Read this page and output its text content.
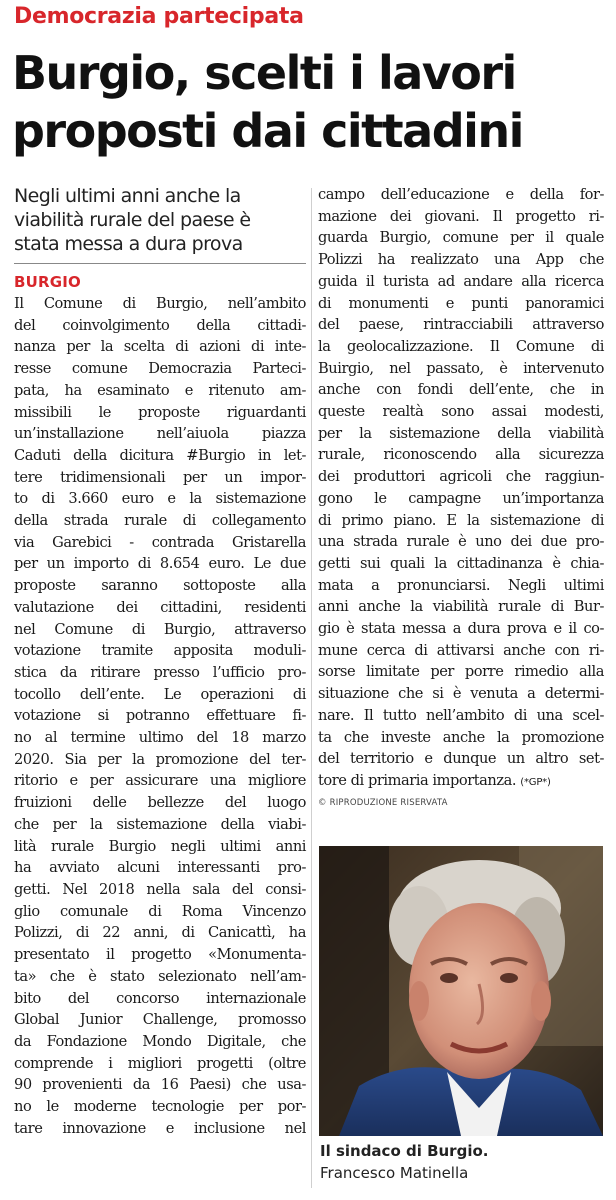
Democrazia partecipata
Burgio, scelti i lavori
proposti dai cittadini
Negli ultimi anni anche la
viabilità rurale del paese è
stata messa a dura prova
BURGIO
Il Comune di Burgio, nell’ambito
del coinvolgimento della cittadi-
nanza per la scelta di azioni di inte-
resse comune Democrazia Parteci-
pata, ha esaminato e ritenuto am-
missibili le proposte riguardanti
un’installazione nell’aiuola piazza
Caduti della dicitura #Burgio in let-
tere tridimensionali per un impor-
to di 3.660 euro e la sistemazione
della strada rurale di collegamento
via Garebici - contrada Gristarella
per un importo di 8.654 euro. Le due
proposte saranno sottoposte alla
valutazione dei cittadini, residenti
nel Comune di Burgio, attraverso
votazione tramite apposita moduli-
stica da ritirare presso l’ufficio pro-
tocollo dell’ente. Le operazioni di
votazione si potranno effettuare fi-
no al termine ultimo del 18 marzo
2020. Sia per la promozione del ter-
ritorio e per assicurare una migliore
fruizioni delle bellezze del luogo
che per la sistemazione della viabi-
lità rurale Burgio negli ultimi anni
ha avviato alcuni interessanti pro-
getti. Nel 2018 nella sala del consi-
glio comunale di Roma Vincenzo
Polizzi, di 22 anni, di Canicattì, ha
presentato il progetto «Monumenta-
ta» che è stato selezionato nell’am-
bito del concorso internazionale
Global Junior Challenge, promosso
da Fondazione Mondo Digitale, che
comprende i migliori progetti (oltre
90 provenienti da 16 Paesi) che usa-
no le moderne tecnologie per por-
tare innovazione e inclusione nel
campo dell’educazione e della for-
mazione dei giovani. Il progetto ri-
guarda Burgio, comune per il quale
Polizzi ha realizzato una App che
guida il turista ad andare alla ricerca
di monumenti e punti panoramici
del paese, rintracciabili attraverso
la geolocalizzazione. Il Comune di
Buirgio, nel passato, è intervenuto
anche con fondi dell’ente, che in
queste realtà sono assai modesti,
per la sistemazione della viabilità
rurale, riconoscendo alla sicurezza
dei produttori agricoli che raggiun-
gono le campagne un’importanza
di primo piano. E la sistemazione di
una strada rurale è uno dei due pro-
getti sui quali la cittadinanza è chia-
mata a pronunciarsi. Negli ultimi
anni anche la viabilità rurale di Bur-
gio è stata messa a dura prova e il co-
mune cerca di attivarsi anche con ri-
sorse limitate per porre rimedio alla
situazione che si è venuta a determi-
nare. Il tutto nell’ambito di una scel-
ta che investe anche la promozione
del territorio e dunque un altro set-
tore di primaria importanza. (*GP*)
© RIPRODUZIONE RISERVATA
Il sindaco di Burgio.
Francesco Matinella
